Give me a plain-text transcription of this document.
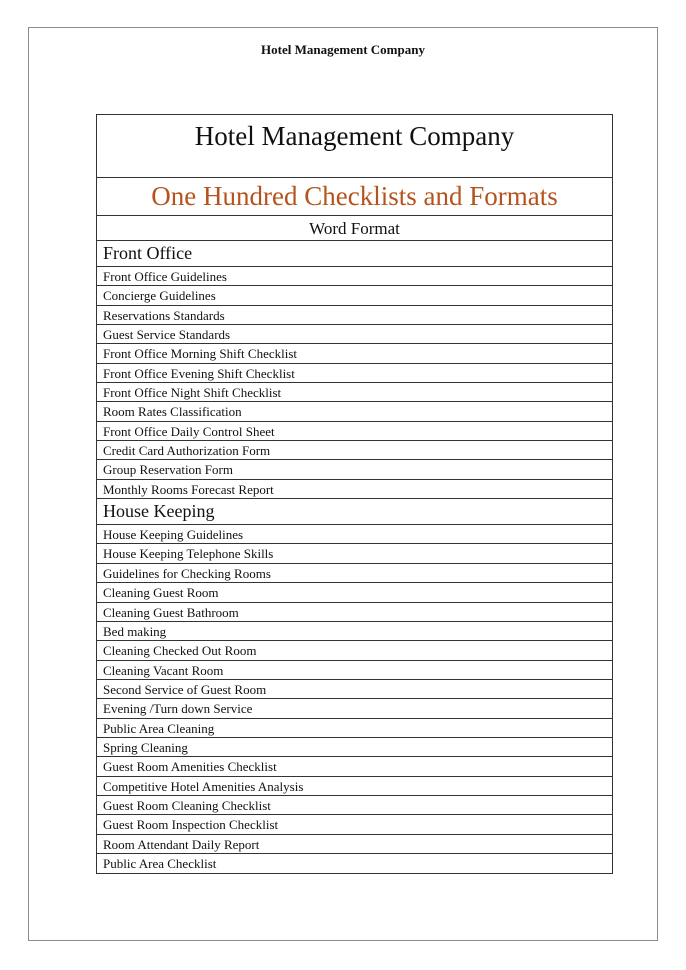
Hotel Management Company
Hotel Management Company
One Hundred Checklists and Formats
Word Format
Front Office
Front Office Guidelines
Concierge Guidelines
Reservations Standards
Guest Service Standards
Front Office Morning Shift Checklist
Front Office Evening Shift Checklist
Front Office Night Shift Checklist
Room Rates Classification
Front Office Daily Control Sheet
Credit Card Authorization Form
Group Reservation Form
Monthly Rooms Forecast Report
House Keeping
House Keeping Guidelines
House Keeping Telephone Skills
Guidelines for Checking Rooms
Cleaning Guest Room
Cleaning Guest Bathroom
Bed making
Cleaning Checked Out Room
Cleaning Vacant Room
Second Service of Guest Room
Evening /Turn down Service
Public Area Cleaning
Spring Cleaning
Guest Room Amenities Checklist
Competitive Hotel Amenities Analysis
Guest Room Cleaning Checklist
Guest Room Inspection Checklist
Room Attendant Daily Report
Public Area Checklist
